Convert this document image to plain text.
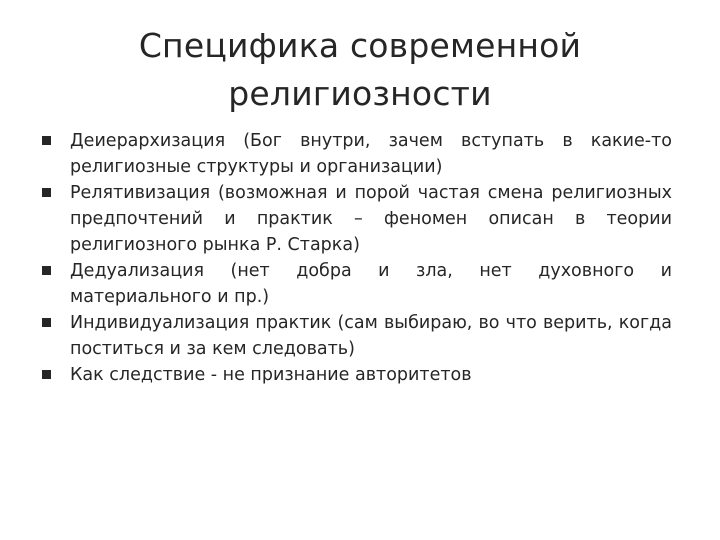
Специфика современной
религиозности
Деиерархизация (Бог внутри, зачем вступать в какие-то религиозные структуры и организации)
Релятивизация (возможная и порой частая смена религиозных предпочтений и практик – феномен описан в теории религиозного рынка Р. Старка)
Дедуализация (нет добра и зла, нет духовного и материального и пр.)
Индивидуализация практик (сам выбираю, во что верить, когда поститься и за кем следовать)
Как следствие - не признание авторитетов
